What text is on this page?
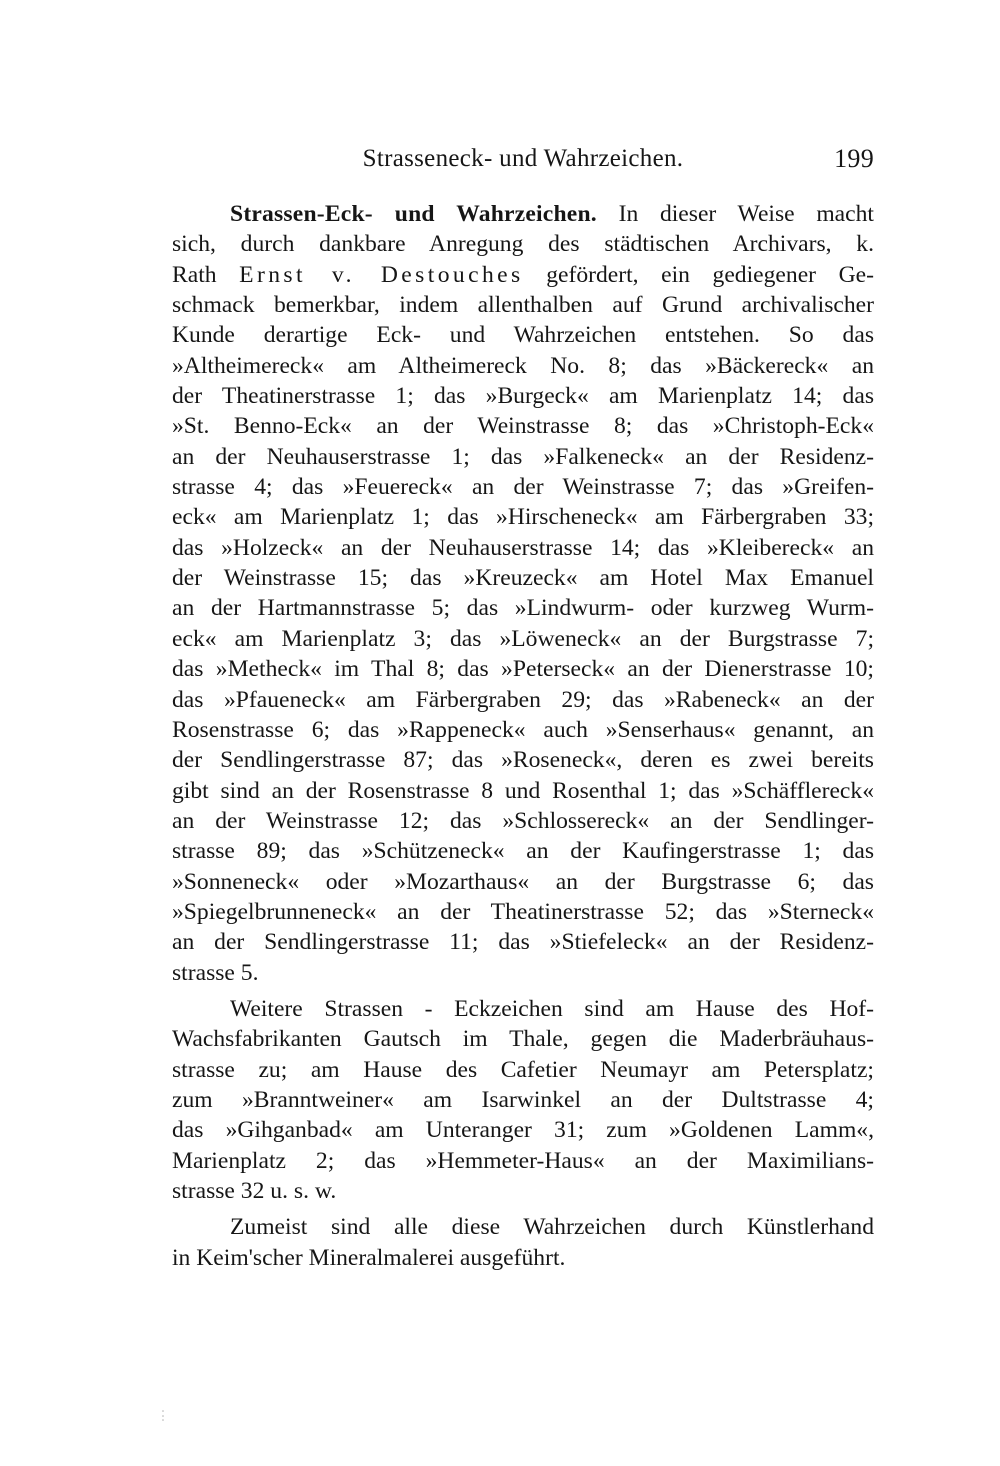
Strasseneck- und Wahrzeichen.	199
Strassen-Eck- und Wahrzeichen. In dieser Weise macht
sich, durch dankbare Anregung des städtischen Archivars, k.
Rath Ernst v. Destouches gefördert, ein gediegener Ge-
schmack bemerkbar, indem allenthalben auf Grund archivalischer
Kunde derartige Eck- und Wahrzeichen entstehen. So das
»Altheimereck« am Altheimereck No. 8; das »Bäckereck« an
der Theatinerstrasse 1; das »Burgeck« am Marienplatz 14; das
»St. Benno-Eck« an der Weinstrasse 8; das »Christoph-Eck«
an der Neuhauserstrasse 1; das »Falkeneck« an der Residenz-
strasse 4; das »Feuereck« an der Weinstrasse 7; das »Greifen-
eck« am Marienplatz 1; das »Hirscheneck« am Färbergraben 33;
das »Holzeck« an der Neuhauserstrasse 14; das »Kleibereck« an
der Weinstrasse 15; das »Kreuzeck« am Hotel Max Emanuel
an der Hartmannstrasse 5; das »Lindwurm- oder kurzweg Wurm-
eck« am Marienplatz 3; das »Löweneck« an der Burgstrasse 7;
das »Metheck« im Thal 8; das »Peterseck« an der Dienerstrasse 10;
das »Pfaueneck« am Färbergraben 29; das »Rabeneck« an der
Rosenstrasse 6; das »Rappeneck« auch »Senserhaus« genannt, an
der Sendlingerstrasse 87; das »Roseneck«, deren es zwei bereits
gibt sind an der Rosenstrasse 8 und Rosenthal 1; das »Schäfflereck«
an der Weinstrasse 12; das »Schlossereck« an der Sendlinger-
strasse 89; das »Schützeneck« an der Kaufingerstrasse 1; das
»Sonneneck« oder »Mozarthaus« an der Burgstrasse 6; das
»Spiegelbrunneneck« an der Theatinerstrasse 52; das »Sterneck«
an der Sendlingerstrasse 11; das »Stiefeleck« an der Residenz-
strasse 5.
Weitere Strassen - Eckzeichen sind am Hause des Hof-
Wachsfabrikanten Gautsch im Thale, gegen die Maderbräuhaus-
strasse zu; am Hause des Cafetier Neumayr am Petersplatz;
zum »Branntweiner« am Isarwinkel an der Dultstrasse 4;
das »Gihganbad« am Unteranger 31; zum »Goldenen Lamm«,
Marienplatz 2; das »Hemmeter-Haus« an der Maximilians-
strasse 32 u. s. w.
Zumeist sind alle diese Wahrzeichen durch Künstlerhand
in Keim'scher Mineralmalerei ausgeführt.
